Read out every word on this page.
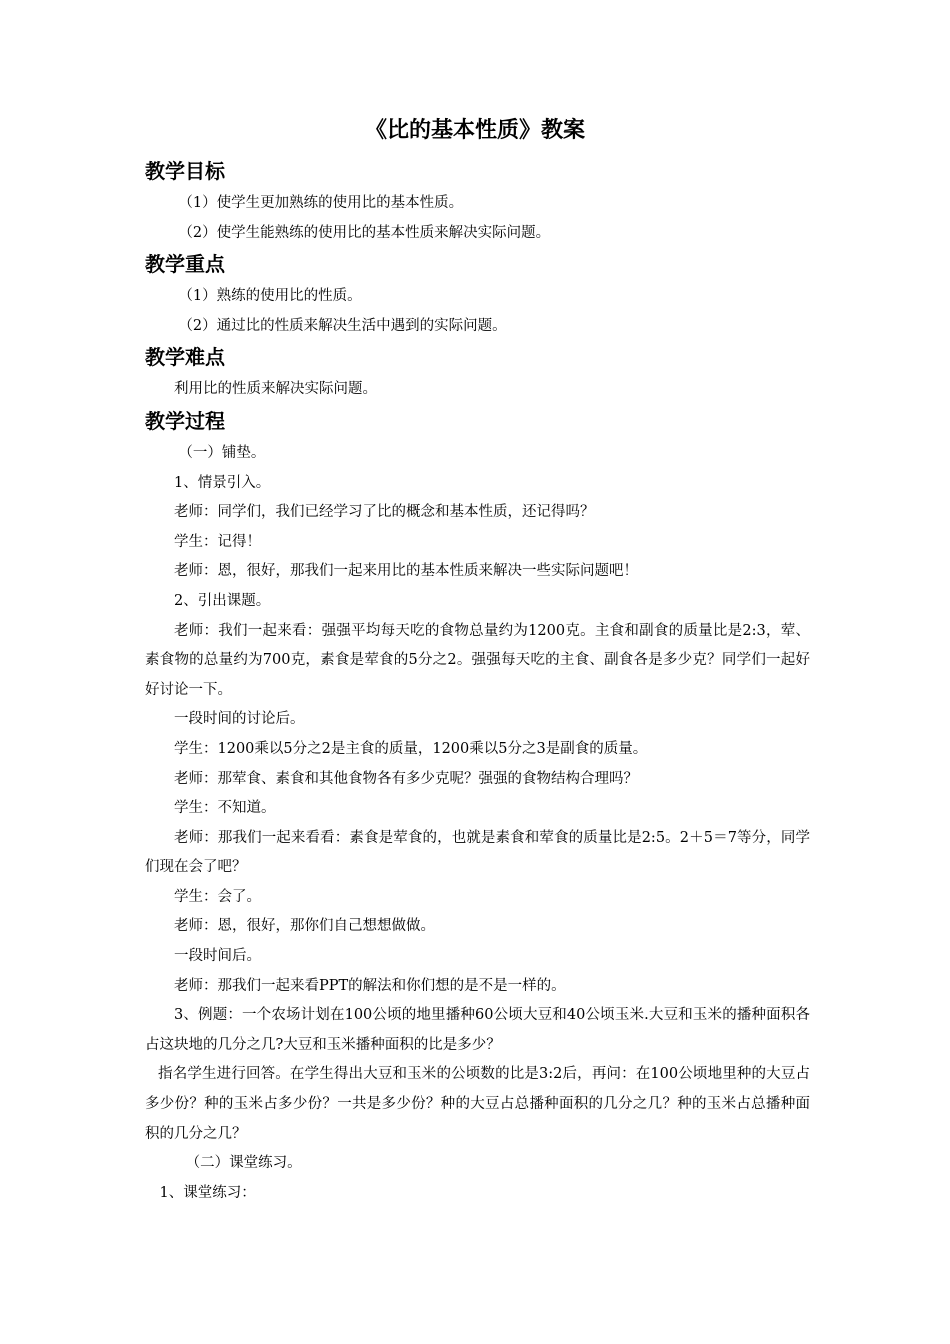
《比的基本性质》教案
教学目标

（1）使学生更加熟练的使用比的基本性质。

（2）使学生能熟练的使用比的基本性质来解决实际问题。

教学重点

（1）熟练的使用比的性质。

（2）通过比的性质来解决生活中遇到的实际问题。

教学难点

利用比的性质来解决实际问题。

教学过程

（一）铺垫。

1、情景引入。

老师：同学们，我们已经学习了比的概念和基本性质，还记得吗？

学生：记得！

老师：恩，很好，那我们一起来用比的基本性质来解决一些实际问题吧！

2、引出课题。

老师：我们一起来看：强强平均每天吃的食物总量约为1200克。主食和副食的质量比是2:3，荤、素食物的总量约为700克，素食是荤食的5分之2。强强每天吃的主食、副食各是多少克？同学们一起好好讨论一下。

一段时间的讨论后。

学生：1200乘以5分之2是主食的质量，1200乘以5分之3是副食的质量。

老师：那荤食、素食和其他食物各有多少克呢？强强的食物结构合理吗？

学生：不知道。

老师：那我们一起来看看：素食是荤食的，也就是素食和荤食的质量比是2:5。2＋5＝7等分，同学们现在会了吧？

学生：会了。

老师：恩，很好，那你们自己想想做做。

一段时间后。

老师：那我们一起来看PPT的解法和你们想的是不是一样的。

3、例题：一个农场计划在100公顷的地里播种60公顷大豆和40公顷玉米.大豆和玉米的播种面积各占这块地的几分之几?大豆和玉米播种面积的比是多少？

指名学生进行回答。在学生得出大豆和玉米的公顷数的比是3:2后，再问：在100公顷地里种的大豆占多少份？种的玉米占多少份？一共是多少份？种的大豆占总播种面积的几分之几？种的玉米占总播种面积的几分之几？

（二）课堂练习。

1、课堂练习：
